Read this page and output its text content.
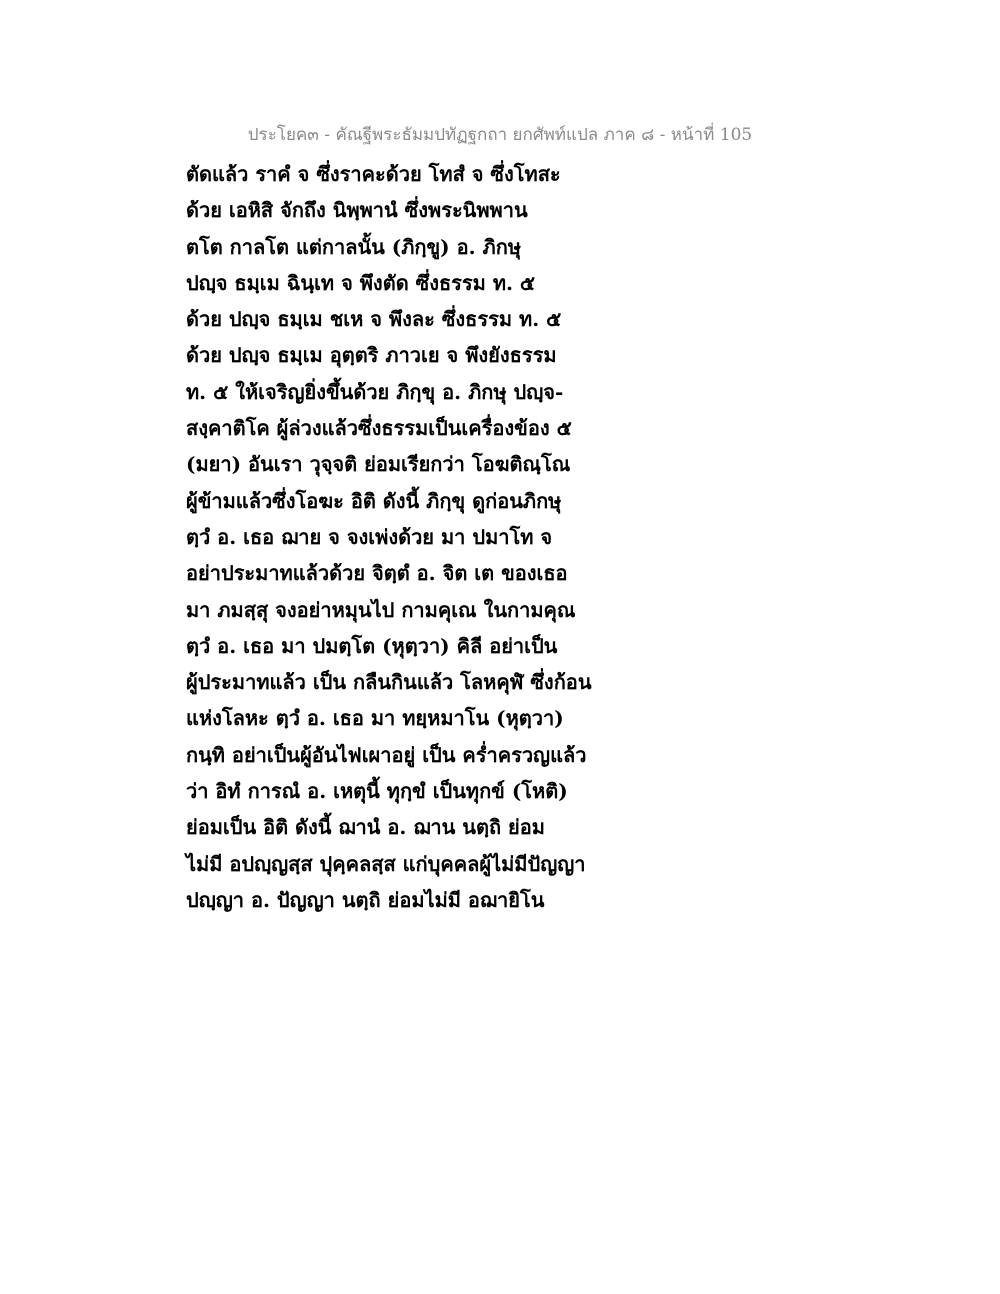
ประโยค๓ - คัณฐีพระธัมมปทัฏฐกถา ยกศัพท์แปล ภาค ๘ - หน้าที่ 105
ตัดแล้ว ราคํ จ ซึ่งราคะด้วย โทสํ จ ซึ่งโทสะ
ด้วย เอหิสิ จักถึง นิพฺพานํ ซึ่งพระนิพพาน
ตโต กาลโต แต่กาลนั้น (ภิกฺขู) อ. ภิกษุ
ปญฺจ ธมฺเม ฉินฺเท จ พึงตัด ซึ่งธรรม ท. ๕
ด้วย ปญฺจ ธมฺเม ชเห จ พึงละ ซึ่งธรรม ท. ๕
ด้วย ปญฺจ ธมฺเม อุตฺตริ ภาวเย จ พึงยังธรรม
ท. ๕ ให้เจริญยิ่งขึ้นด้วย ภิกฺขุ อ. ภิกษุ ปญฺจ-
สงฺคาติโค ผู้ล่วงแล้วซึ่งธรรมเป็นเครื่องข้อง ๕
(มยา) อันเรา วุจฺจติ ย่อมเรียกว่า โอฆติณฺโณ
ผู้ข้ามแล้วซึ่งโอฆะ อิติ ดังนี้ ภิกฺขุ ดูก่อนภิกษุ
ตฺวํ อ. เธอ ฌาย จ จงเพ่งด้วย มา ปมาโท จ
อย่าประมาทแล้วด้วย จิตฺตํ อ. จิต เต ของเธอ
มา ภมสฺสุ จงอย่าหมุนไป กามคุเณ ในกามคุณ
ตฺวํ อ. เธอ มา ปมตฺโต (หุตฺวา) คิลี อย่าเป็น
ผู้ประมาทแล้ว เป็น กลืนกินแล้ว โลหคุฬํ ซึ่งก้อน
แห่งโลหะ ตฺวํ อ. เธอ มา ทยฺหมาโน (หุตฺวา)
กนฺทิ อย่าเป็นผู้อันไฟเผาอยู่ เป็น คร่ำครวญแล้ว
ว่า อิทํ การณํ อ. เหตุนี้ ทุกฺขํ เป็นทุกข์ (โหติ)
ย่อมเป็น อิติ ดังนี้ ฌานํ อ. ฌาน นตฺถิ ย่อม
ไม่มี อปญฺญสฺส ปุคฺคลสฺส แก่บุคคลผู้ไม่มีปัญญา
ปญฺญา อ. ปัญญา นตฺถิ ย่อมไม่มี อฌายิโน
